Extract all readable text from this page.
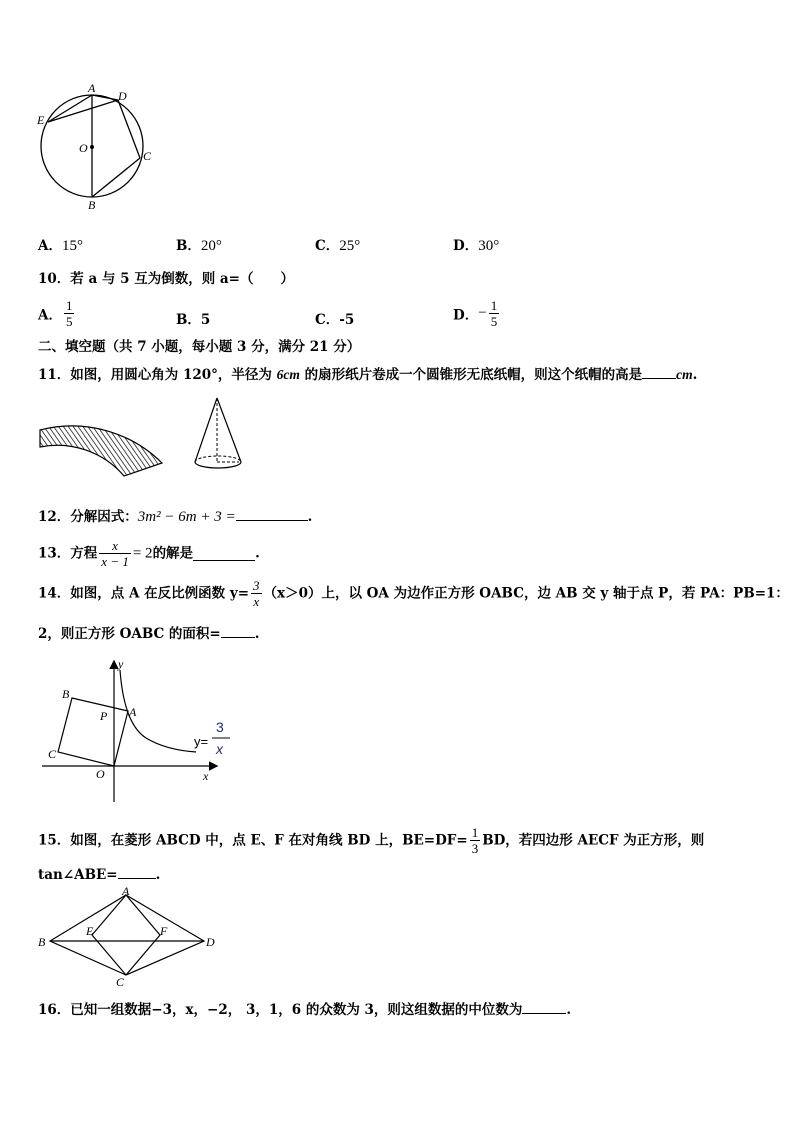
A
D
E
O
C
B
A．15°	B．20°	C．25°	D．30°
10．若 a 与 5 互为倒数，则 a=（　　）
A． $\frac{1}{5}$	B．5	C．-5	D．− $\frac{1}{5}$
二、填空题（共 7 小题，每小题 3 分，满分 21 分）
11．如图，用圆心角为 120°，半径为 6cm 的扇形纸片卷成一个圆锥形无底纸帽，则这个纸帽的高是	cm.
12．分解因式：3m² − 6m + 3 =	.
13．方程 $\frac{x}{x - 1} = 2$的解是	.
14．如图，点 A 在反比例函数 $y= \frac{3}{x} (x>0)$上，以 OA 为边作正方形 OABC，边 AB 交 y 轴于点 P，若 PA：PB=1：
2，则正方形 OABC 的面积=	.
y
B
P A
C
O	x
y=
3
x
15．如图，在菱形 ABCD 中，点 E、F 在对角线 BD 上，$BE=DF= \frac{1}{3}$ BD，若四边形 AECF 为正方形，则
tan∠ABE=	.
A
B
E	F
D
C
16．已知一组数据−3，x，−2， 3，1，6 的众数为 3，则这组数据的中位数为	.
